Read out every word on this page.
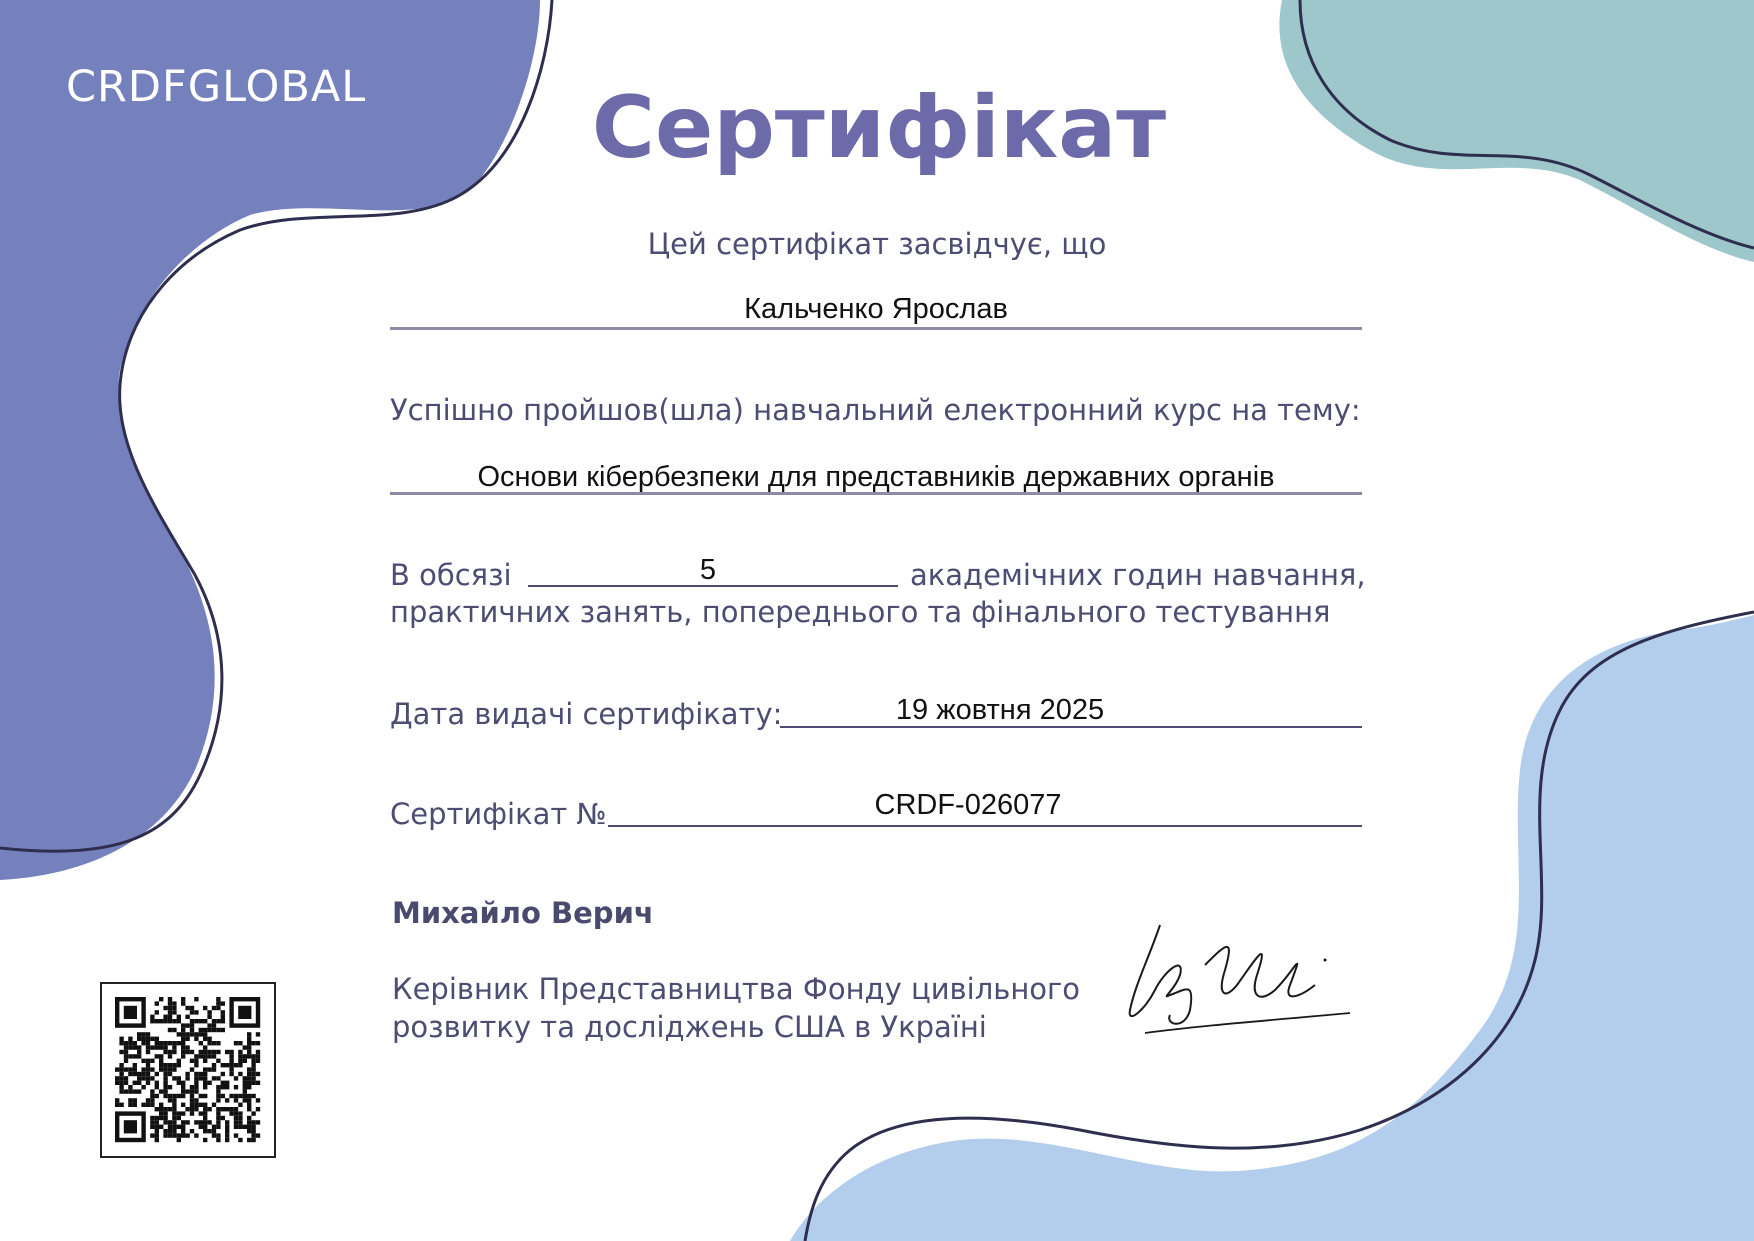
CRDFGLOBAL	Сертифікат
Цей сертифікат засвідчує, що
Кальченко Ярослав
Успішно пройшов(шла) навчальний електронний курс на тему:
Основи кібербезпеки для представників державних органів
В обсязі	5	академічних годин навчання,
практичних занять, попереднього та фінального тестування
Дата видачі сертифікату:	19 жовтня 2025
Сертифікат №	CRDF-026077
Михайло Верич
Керівник Представництва Фонду цивільного
розвитку та досліджень США в Україні
